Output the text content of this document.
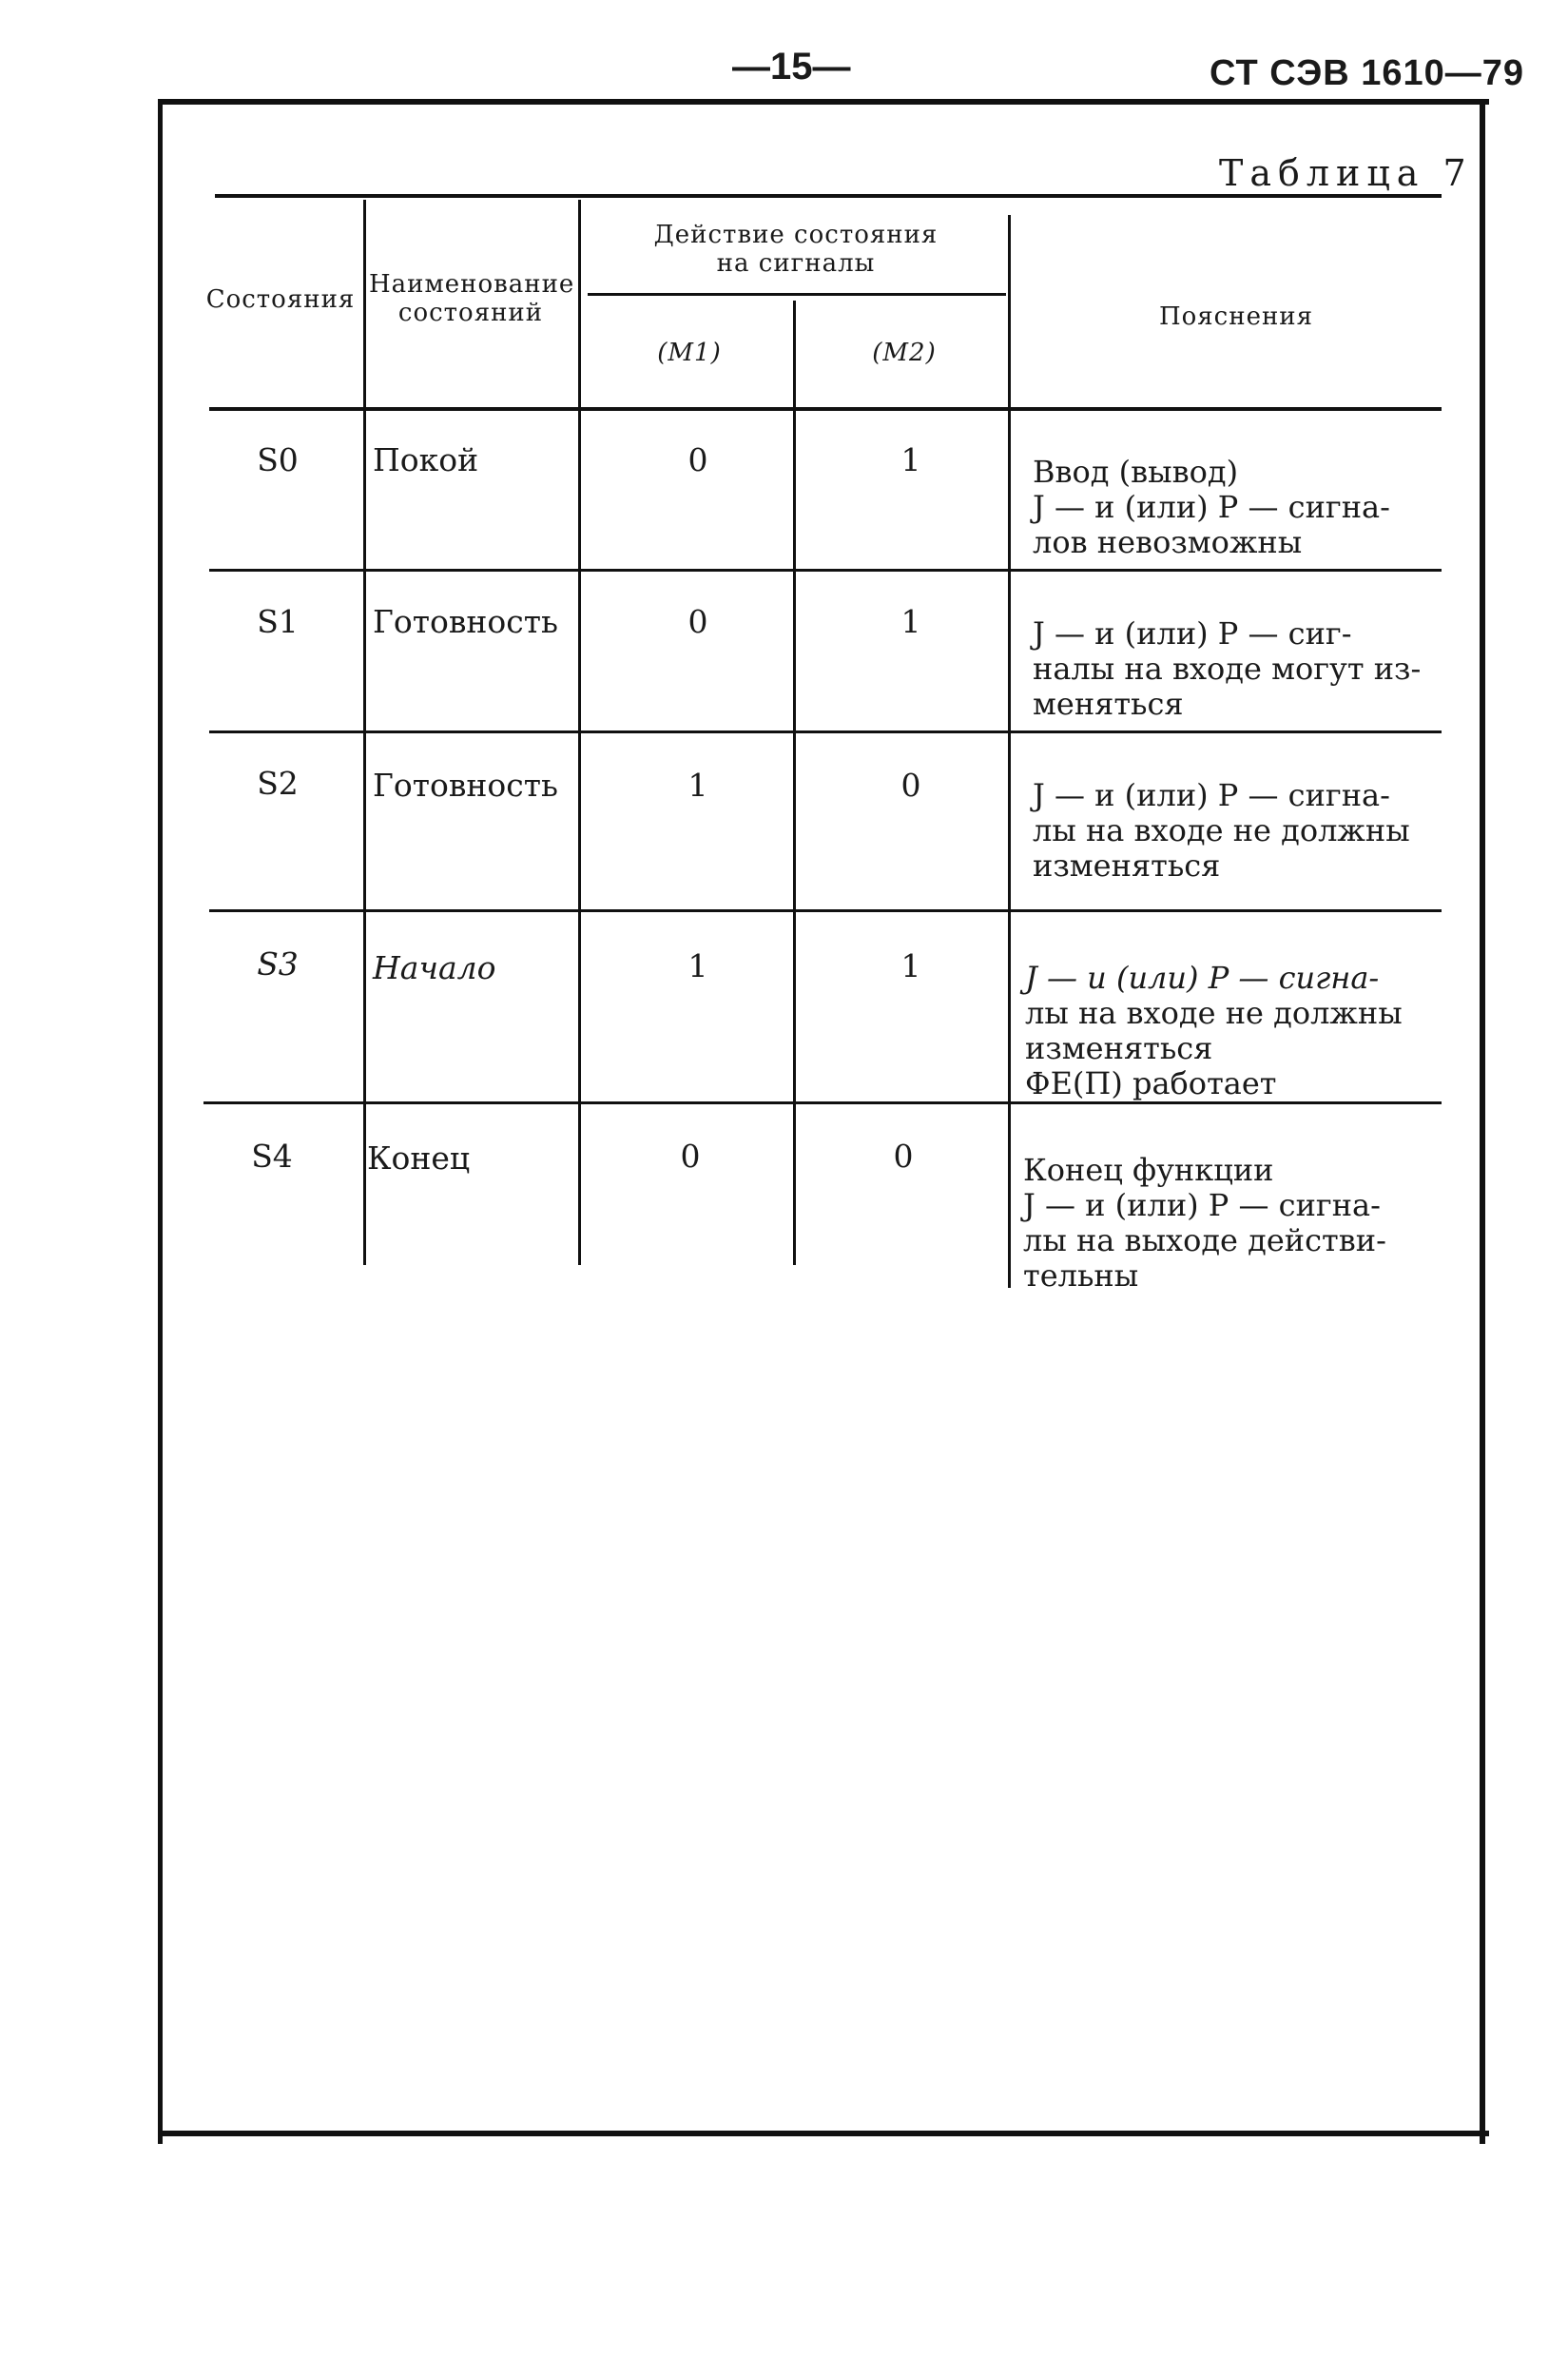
—15—	СТ СЭВ 1610—79
Таблица 7
Состояния
Наименование состояний
Действие состояния на сигналы
(M1)	(M2)
Пояснения
S0	Покой	0	1	Ввод (вывод)
J — и (или) Р — сигна-
лов невозможны
S1	Готовность	0	1	J — и (или) Р — сиг-
налы на входе могут из-
меняться
S2	Готовность	1	0	J — и (или) Р — сигна-
лы на входе не должны
изменяться
S3	Начало	1	1	J — и (или) Р — сигна-
лы на входе не должны
изменяться
ФЕ(П) работает
S4	Конец	0	0	Конец функции
J — и (или) Р — сигна-
лы на выходе действи-
тельны
